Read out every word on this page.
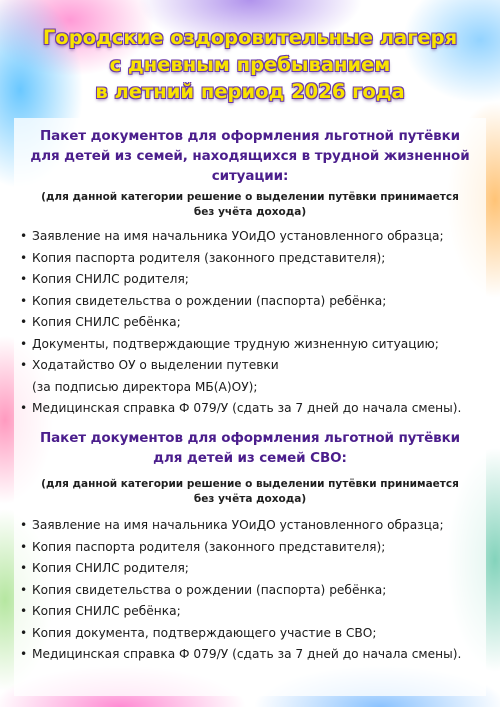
Городские оздоровительные лагеря
с дневным пребыванием
в летний период 2026 года
Пакет документов для оформления льготной путёвки
для детей из семей, находящихся в трудной жизненной
ситуации:
(для данной категории решение о выделении путёвки принимается
без учёта дохода)
• Заявление на имя начальника УОиДО установленного образца;
• Копия паспорта родителя (законного представителя);
• Копия СНИЛС родителя;
• Копия свидетельства о рождении (паспорта) ребёнка;
• Копия СНИЛС ребёнка;
• Документы, подтверждающие трудную жизненную ситуацию;
• Ходатайство ОУ о выделении путевки
(за подписью директора МБ(А)ОУ);
• Медицинская справка Ф 079/У (сдать за 7 дней до начала смены).
Пакет документов для оформления льготной путёвки
для детей из семей СВО:
(для данной категории решение о выделении путёвки принимается
без учёта дохода)
• Заявление на имя начальника УОиДО установленного образца;
• Копия паспорта родителя (законного представителя);
• Копия СНИЛС родителя;
• Копия свидетельства о рождении (паспорта) ребёнка;
• Копия СНИЛС ребёнка;
• Копия документа, подтверждающего участие в СВО;
• Медицинская справка Ф 079/У (сдать за 7 дней до начала смены).
